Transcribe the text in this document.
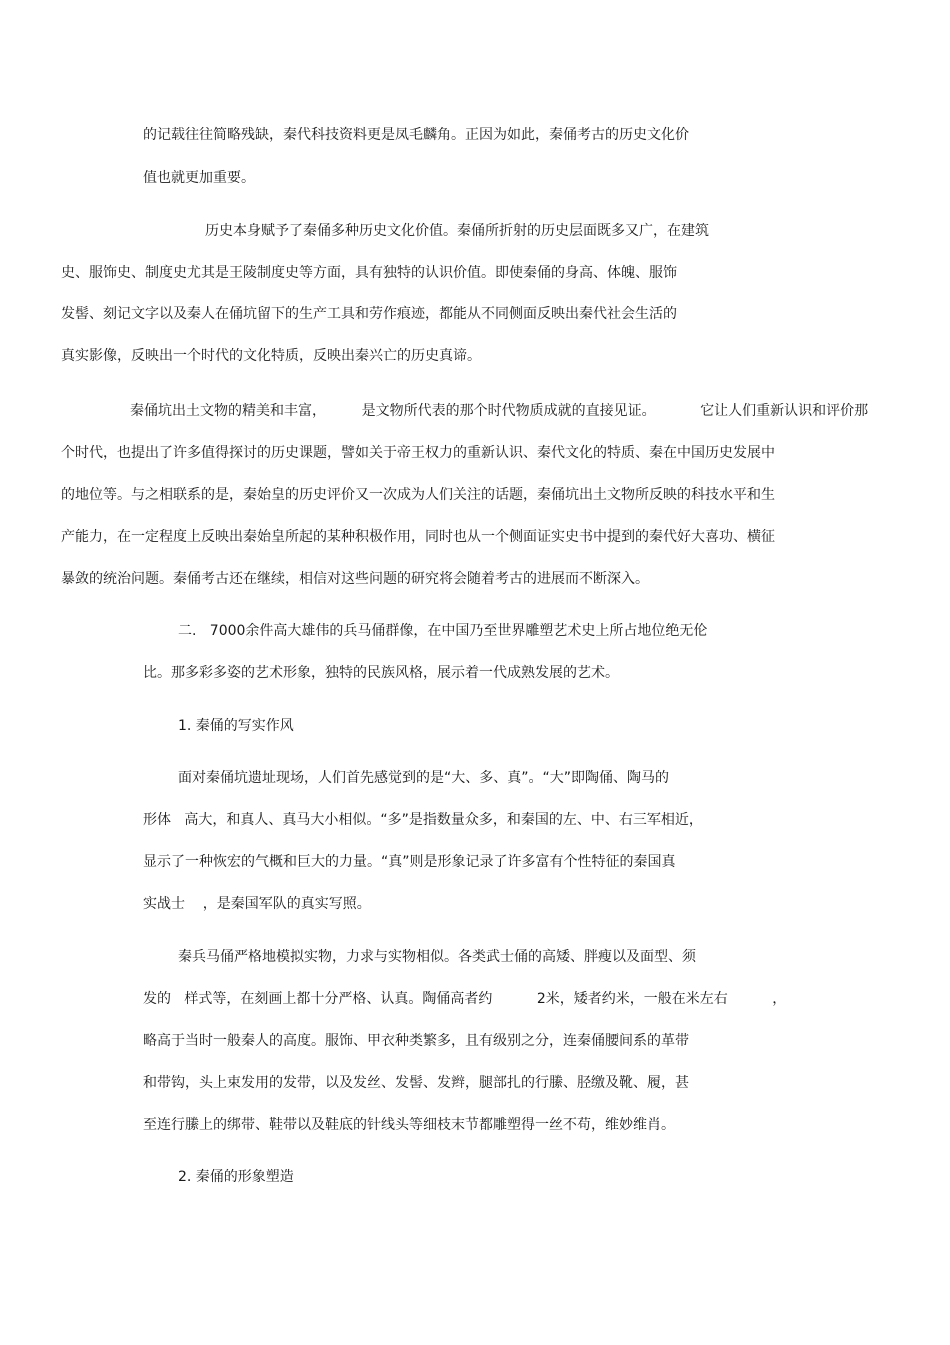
的记载往往简略残缺，秦代科技资料更是凤毛麟角。正因为如此，秦俑考古的历史文化价
值也就更加重要。
历史本身赋予了秦俑多种历史文化价值。秦俑所折射的历史层面既多又广，在建筑
史、服饰史、制度史尤其是王陵制度史等方面，具有独特的认识价值。即使秦俑的身高、体魄、服饰
发髻、刻记文字以及秦人在俑坑留下的生产工具和劳作痕迹，都能从不同侧面反映出秦代社会生活的
真实影像，反映出一个时代的文化特质，反映出秦兴亡的历史真谛。
秦俑坑出土文物的精美和丰富，        是文物所代表的那个时代物质成就的直接见证。          它让人们重新认识和评价那
个时代，也提出了许多值得探讨的历史课题，譬如关于帝王权力的重新认识、秦代文化的特质、秦在中国历史发展中
的地位等。与之相联系的是，秦始皇的历史评价又一次成为人们关注的话题，秦俑坑出土文物所反映的科技水平和生
产能力，在一定程度上反映出秦始皇所起的某种积极作用，同时也从一个侧面证实史书中提到的秦代好大喜功、横征
暴敛的统治问题。秦俑考古还在继续，相信对这些问题的研究将会随着考古的进展而不断深入。
二.   7000余件高大雄伟的兵马俑群像，在中国乃至世界雕塑艺术史上所占地位绝无伦
比。那多彩多姿的艺术形象，独特的民族风格，展示着一代成熟发展的艺术。
1. 秦俑的写实作风
面对秦俑坑遗址现场，人们首先感觉到的是“大、多、真”。“大”即陶俑、陶马的
形体   高大，和真人、真马大小相似。“多”是指数量众多，和秦国的左、中、右三军相近，
显示了一种恢宏的气概和巨大的力量。“真”则是形象记录了许多富有个性特征的秦国真
实战士    ，是秦国军队的真实写照。
秦兵马俑严格地模拟实物，力求与实物相似。各类武士俑的高矮、胖瘦以及面型、须
发的   样式等，在刻画上都十分严格、认真。陶俑高者约          2米，矮者约米，一般在米左右          ，
略高于当时一般秦人的高度。服饰、甲衣种类繁多，且有级别之分，连秦俑腰间系的革带
和带钩，头上束发用的发带，以及发丝、发髻、发辫，腿部扎的行縢、胫缴及靴、履，甚
至连行縢上的绑带、鞋带以及鞋底的针线头等细枝末节都雕塑得一丝不苟，维妙维肖。
2. 秦俑的形象塑造
